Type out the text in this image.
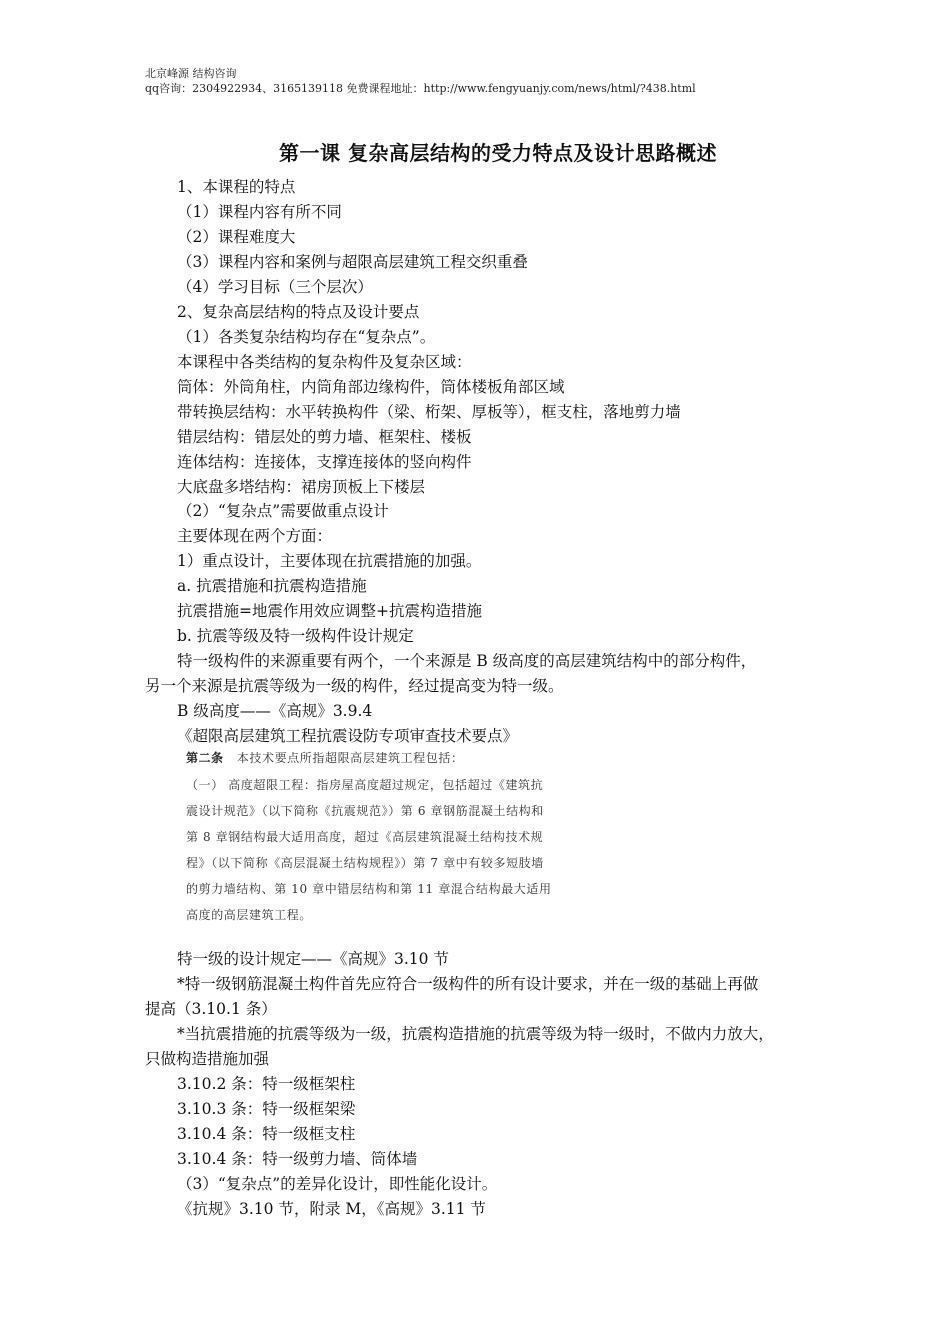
北京峰源 结构咨询
qq咨询：2304922934、3165139118 免费课程地址：http://www.fengyuanjy.com/news/html/?438.html
第一课 复杂高层结构的受力特点及设计思路概述
1、本课程的特点
（1）课程内容有所不同
（2）课程难度大
（3）课程内容和案例与超限高层建筑工程交织重叠
（4）学习目标（三个层次）
2、复杂高层结构的特点及设计要点
（1）各类复杂结构均存在“复杂点”。
本课程中各类结构的复杂构件及复杂区域：
筒体：外筒角柱，内筒角部边缘构件，筒体楼板角部区域
带转换层结构：水平转换构件（梁、桁架、厚板等），框支柱，落地剪力墙
错层结构：错层处的剪力墙、框架柱、楼板
连体结构：连接体，支撑连接体的竖向构件
大底盘多塔结构：裙房顶板上下楼层
（2）“复杂点”需要做重点设计
主要体现在两个方面：
1）重点设计，主要体现在抗震措施的加强。
a. 抗震措施和抗震构造措施
抗震措施=地震作用效应调整+抗震构造措施
b. 抗震等级及特一级构件设计规定
特一级构件的来源重要有两个，一个来源是 B 级高度的高层建筑结构中的部分构件，
另一个来源是抗震等级为一级的构件，经过提高变为特一级。
B 级高度——《高规》3.9.4
《超限高层建筑工程抗震设防专项审查技术要点》
第二条 本技术要点所指超限高层建筑工程包括：
（一） 高度超限工程：指房屋高度超过规定，包括超过《建筑抗
震设计规范》（以下简称《抗震规范》）第 6 章钢筋混凝土结构和
第 8 章钢结构最大适用高度，超过《高层建筑混凝土结构技术规
程》（以下简称《高层混凝土结构规程》）第 7 章中有较多短肢墙
的剪力墙结构、第 10 章中错层结构和第 11 章混合结构最大适用
高度的高层建筑工程。
特一级的设计规定——《高规》3.10 节
*特一级钢筋混凝土构件首先应符合一级构件的所有设计要求，并在一级的基础上再做
提高（3.10.1 条）
*当抗震措施的抗震等级为一级，抗震构造措施的抗震等级为特一级时，不做内力放大，
只做构造措施加强
3.10.2 条：特一级框架柱
3.10.3 条：特一级框架梁
3.10.4 条：特一级框支柱
3.10.4 条：特一级剪力墙、筒体墙
（3）“复杂点”的差异化设计，即性能化设计。
《抗规》3.10 节，附录 M，《高规》3.11 节
